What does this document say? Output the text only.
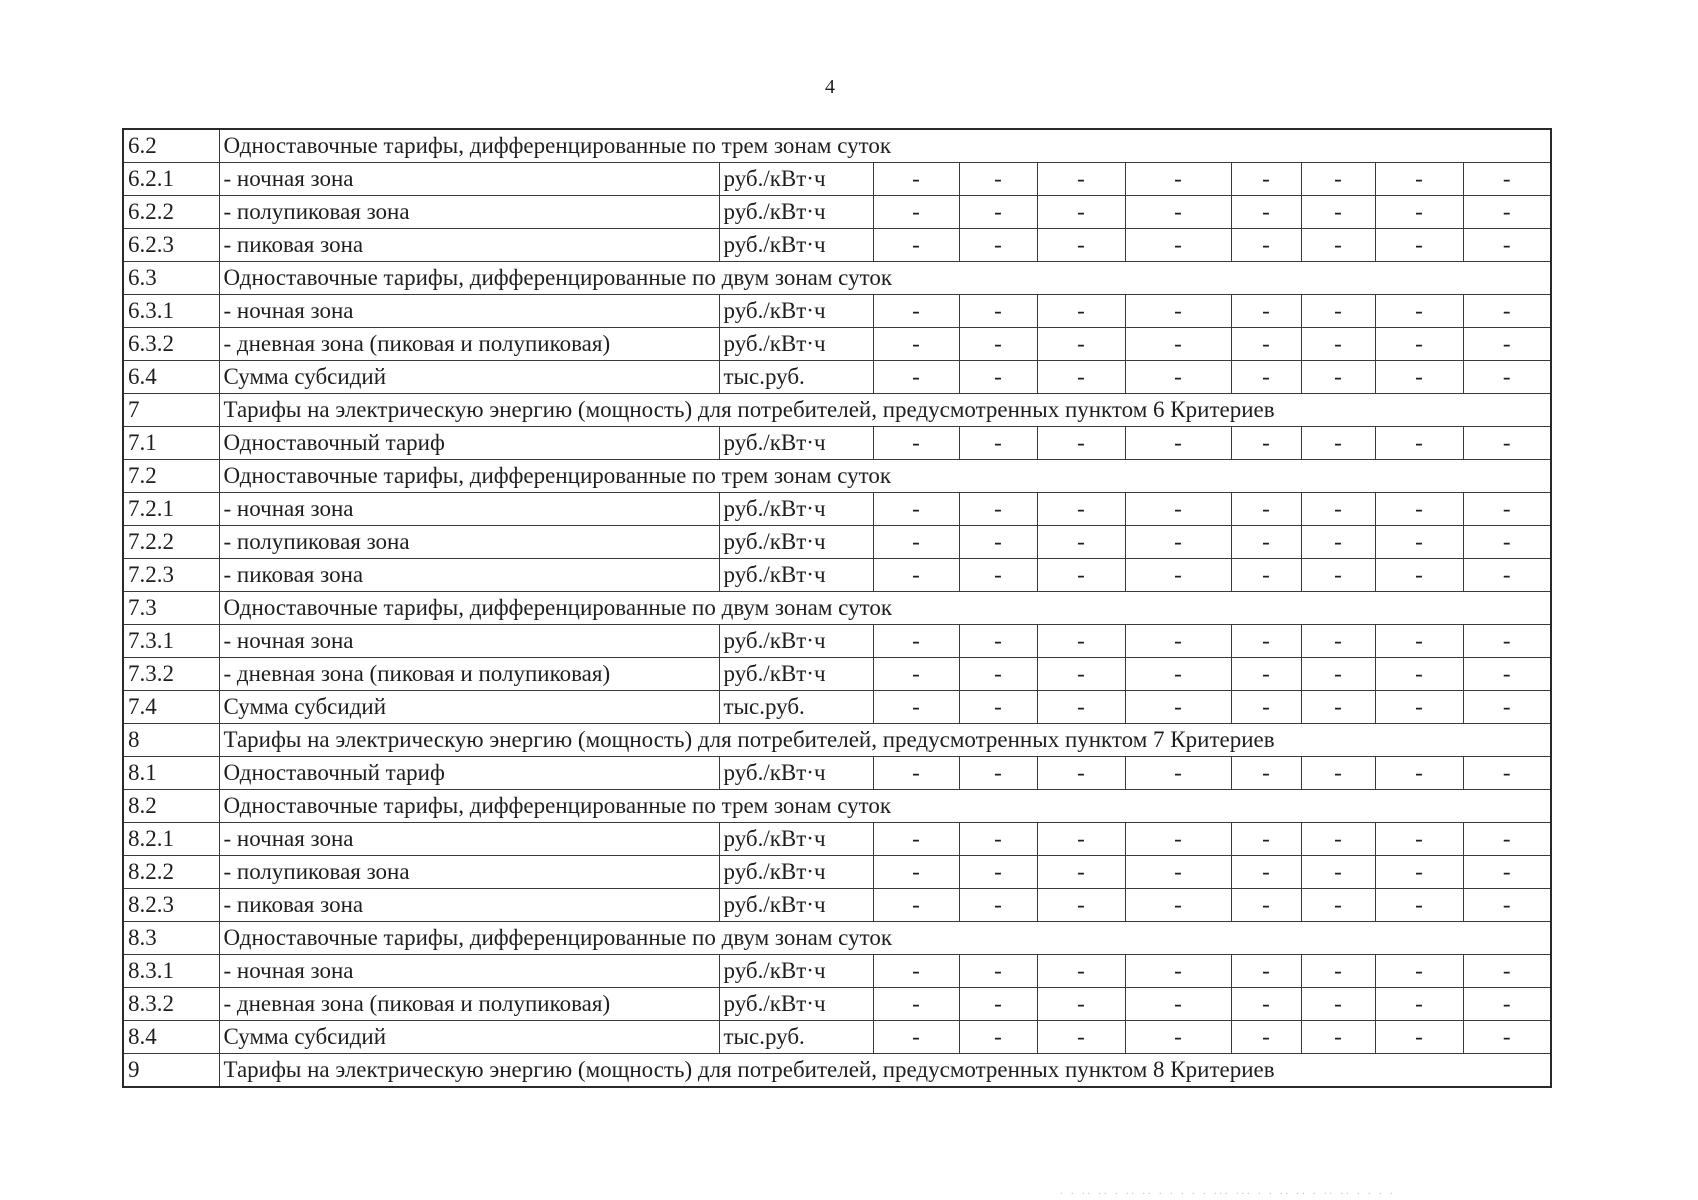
4
6.2	Одноставочные тарифы, дифференцированные по трем зонам суток									
6.2.1	- ночная зона	руб./кВт·ч	-	-	-	-	-	-	-	-
6.2.2	- полупиковая зона	руб./кВт·ч	-	-	-	-	-	-	-	-
6.2.3	- пиковая зона	руб./кВт·ч	-	-	-	-	-	-	-	-
6.3	Одноставочные тарифы, дифференцированные по двум зонам суток									
6.3.1	- ночная зона	руб./кВт·ч	-	-	-	-	-	-	-	-
6.3.2	- дневная зона (пиковая и полупиковая)	руб./кВт·ч	-	-	-	-	-	-	-	-
6.4	Сумма субсидий	тыс.руб.	-	-	-	-	-	-	-	-
7	Тарифы на электрическую энергию (мощность) для потребителей, предусмотренных пунктом 6 Критериев									
7.1	Одноставочный тариф	руб./кВт·ч	-	-	-	-	-	-	-	-
7.2	Одноставочные тарифы, дифференцированные по трем зонам суток									
7.2.1	- ночная зона	руб./кВт·ч	-	-	-	-	-	-	-	-
7.2.2	- полупиковая зона	руб./кВт·ч	-	-	-	-	-	-	-	-
7.2.3	- пиковая зона	руб./кВт·ч	-	-	-	-	-	-	-	-
7.3	Одноставочные тарифы, дифференцированные по двум зонам суток									
7.3.1	- ночная зона	руб./кВт·ч	-	-	-	-	-	-	-	-
7.3.2	- дневная зона (пиковая и полупиковая)	руб./кВт·ч	-	-	-	-	-	-	-	-
7.4	Сумма субсидий	тыс.руб.	-	-	-	-	-	-	-	-
8	Тарифы на электрическую энергию (мощность) для потребителей, предусмотренных пунктом 7 Критериев									
8.1	Одноставочный тариф	руб./кВт·ч	-	-	-	-	-	-	-	-
8.2	Одноставочные тарифы, дифференцированные по трем зонам суток									
8.2.1	- ночная зона	руб./кВт·ч	-	-	-	-	-	-	-	-
8.2.2	- полупиковая зона	руб./кВт·ч	-	-	-	-	-	-	-	-
8.2.3	- пиковая зона	руб./кВт·ч	-	-	-	-	-	-	-	-
8.3	Одноставочные тарифы, дифференцированные по двум зонам суток									
8.3.1	- ночная зона	руб./кВт·ч	-	-	-	-	-	-	-	-
8.3.2	- дневная зона (пиковая и полупиковая)	руб./кВт·ч	-	-	-	-	-	-	-	-
8.4	Сумма субсидий	тыс.руб.	-	-	-	-	-	-	-	-
9	Тарифы на электрическую энергию (мощность) для потребителей, предусмотренных пунктом 8 Критериев									
. . .. .. . .. .. . . . . . ... ... . . .. .. . .. .. . . . .
